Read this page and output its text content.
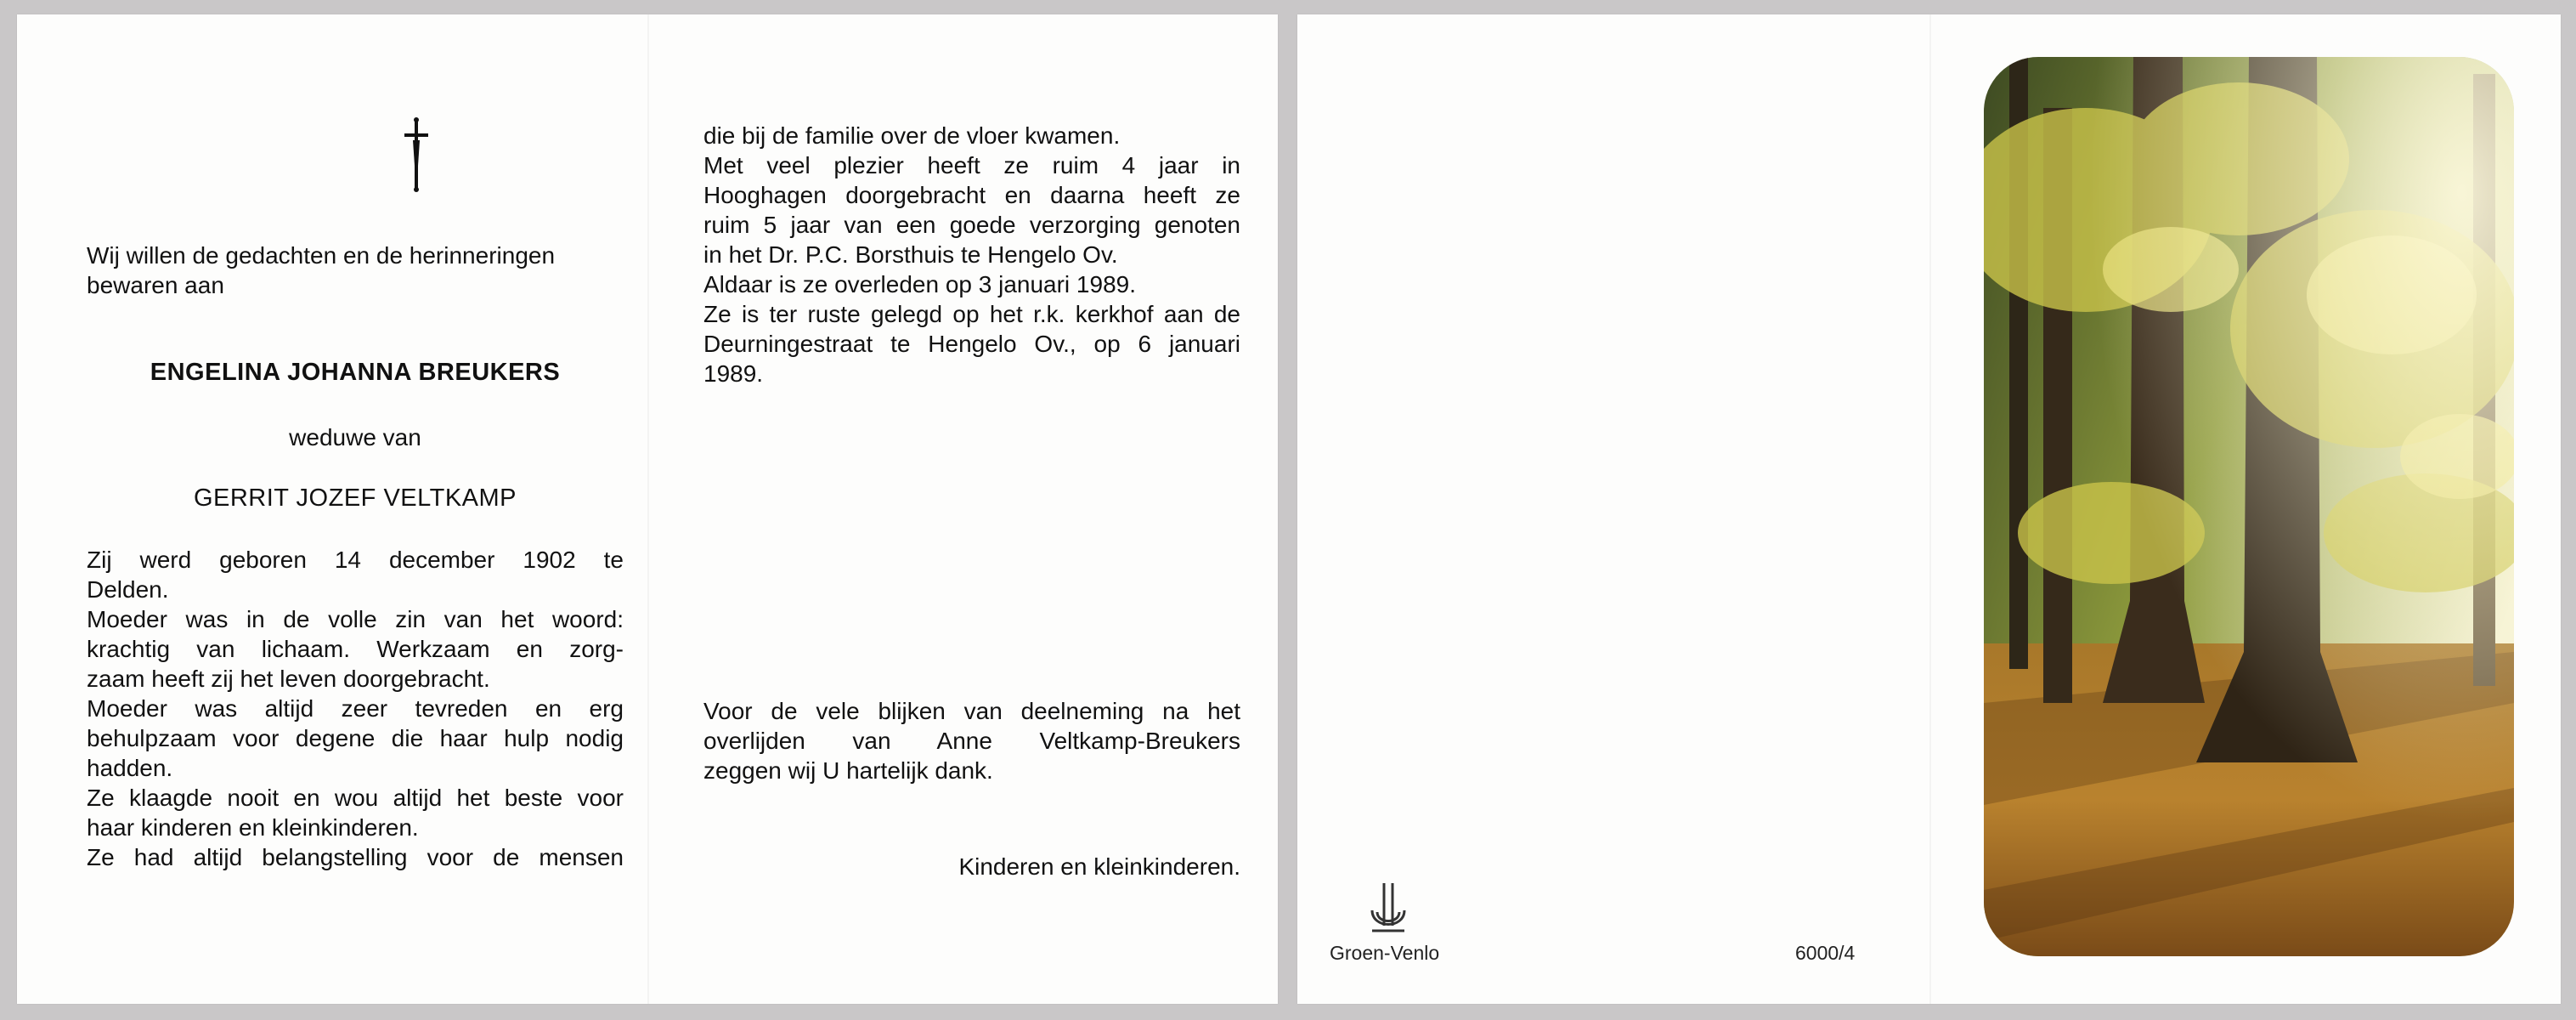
Wij willen de gedachten en de herinneringen

bewaren aan

ENGELINA JOHANNA BREUKERS

weduwe van

GERRIT JOZEF VELTKAMP

Zij werd geboren 14 december 1902 te

Delden.

Moeder was in de volle zin van het woord:

krachtig van lichaam. Werkzaam en zorg-

zaam heeft zij het leven doorgebracht.

Moeder was altijd zeer tevreden en erg

behulpzaam voor degene die haar hulp nodig

hadden.

Ze klaagde nooit en wou altijd het beste voor

haar kinderen en kleinkinderen.

Ze had altijd belangstelling voor de mensen

die bij de familie over de vloer kwamen.

Met veel plezier heeft ze ruim 4 jaar in

Hooghagen doorgebracht en daarna heeft ze

ruim 5 jaar van een goede verzorging genoten

in het Dr. P.C. Borsthuis te Hengelo Ov.

Aldaar is ze overleden op 3 januari 1989.

Ze is ter ruste gelegd op het r.k. kerkhof aan de

Deurningestraat te Hengelo Ov., op 6 januari

1989.

Voor de vele blijken van deelneming na het

overlijden van Anne Veltkamp-Breukers

zeggen wij U hartelijk dank.

Kinderen en kleinkinderen.

Groen-Venlo	6000/4
